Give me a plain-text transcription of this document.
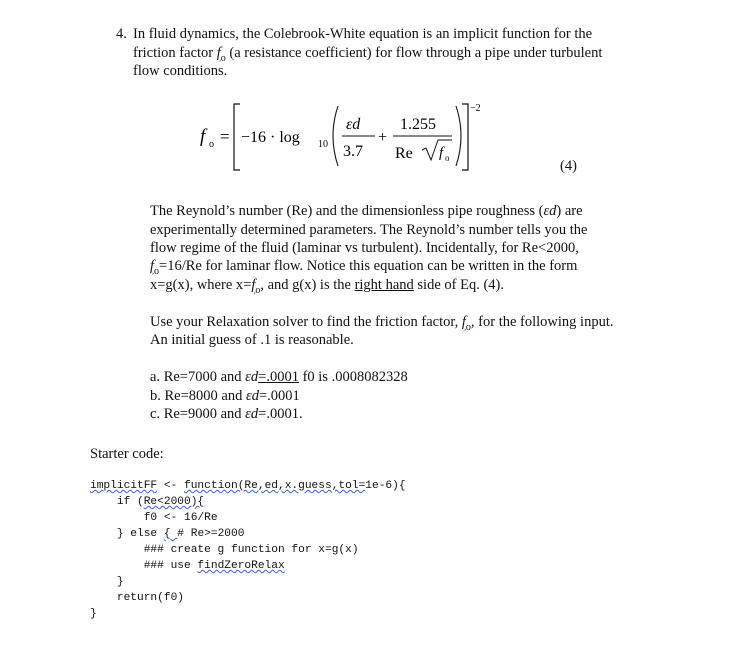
4. In fluid dynamics, the Colebrook-White equation is an implicit function for the
friction factor $f_o$ (a resistance coefficient) for flow through a pipe under turbulent
flow conditions.
f o = −16 · log 10
εd
3.7
+
1.255
Re f o
−2
(4)
The Reynold’s number (Re) and the dimensionless pipe roughness (εd) are
experimentally determined parameters. The Reynold’s number tells you the
flow regime of the fluid (laminar vs turbulent). Incidentally, for Re<2000,
$f_o=16/Re$ for laminar flow. Notice this equation can be written in the form
x=g(x), where $x=f_o$, and g(x) is the right hand side of Eq. (4).
Use your Relaxation solver to find the friction factor, $f_o$, for the following input.
An initial guess of .1 is reasonable.
a. Re=7000 and εd=.0001 f0 is .0008082328
b. Re=8000 and εd=.0001
c. Re=9000 and εd=.0001.
Starter code:
implicitFF <- function(Re,ed,x.guess,tol=1e-6){
if (Re<2000){
f0 <- 16/Re
} else { # Re>=2000
### create g function for x=g(x)
### use findZeroRelax
}
return(f0)
}
